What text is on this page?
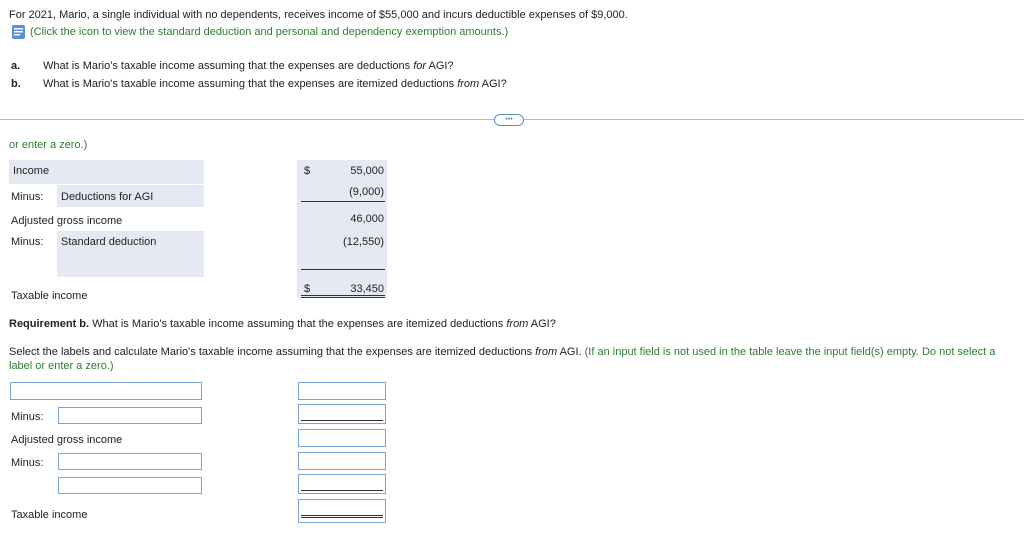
For 2021, Mario, a single individual with no dependents, receives income of $55,000 and incurs deductible expenses of $9,000.
(Click the icon to view the standard deduction and personal and dependency exemption amounts.)
a. What is Mario's taxable income assuming that the expenses are deductions for AGI?
b. What is Mario's taxable income assuming that the expenses are itemized deductions from AGI?
•••
or enter a zero.)
Income
Minus: Deductions for AGI
Adjusted gross income
Minus: Standard deduction
Taxable income
$	55,000
(9,000)
46,000
(12,550)
$	33,450
Requirement b. What is Mario's taxable income assuming that the expenses are itemized deductions from AGI?
Select the labels and calculate Mario's taxable income assuming that the expenses are itemized deductions from AGI. (If an input field is not used in the table leave the input field(s) empty. Do not select a label or enter a zero.)
Minus:
Adjusted gross income
Minus:
Taxable income
